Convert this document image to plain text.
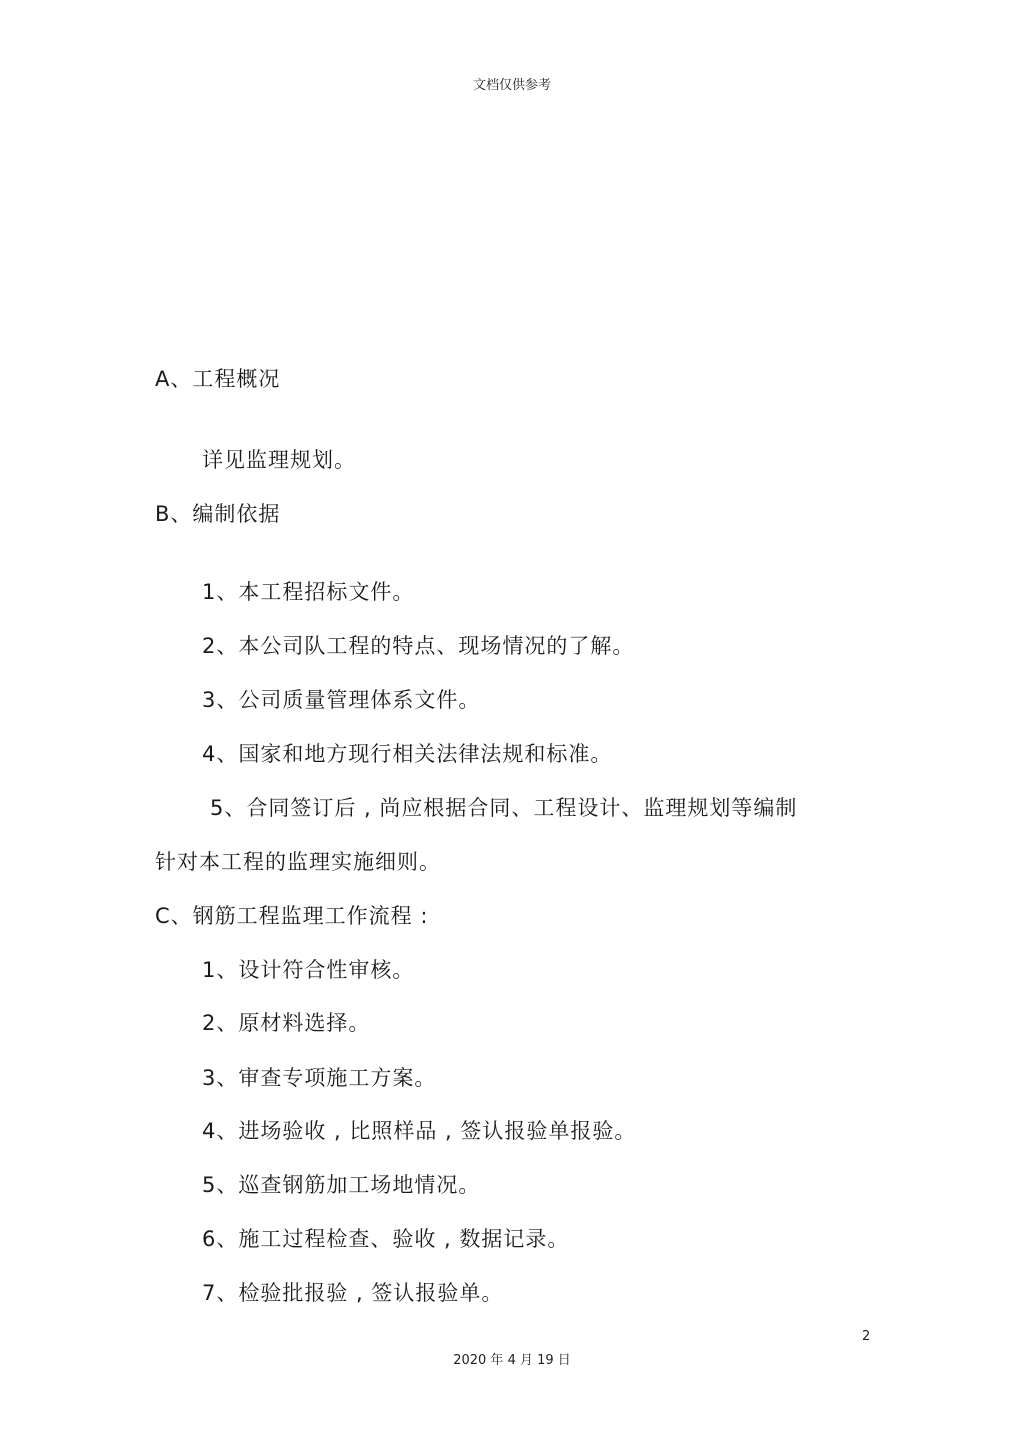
文档仅供参考
A、工程概况
详见监理规划。
B、编制依据
1、本工程招标文件。
2、本公司队工程的特点、现场情况的了解。
3、公司质量管理体系文件。
4、国家和地方现行相关法律法规和标准。
5、合同签订后 , 尚应根据合同、工程设计、监理规划等编制
针对本工程的监理实施细则。
C、钢筋工程监理工作流程 :
1、设计符合性审核。
2、原材料选择。
3、审查专项施工方案。
4、进场验收 , 比照样品 , 签认报验单报验。
5、巡查钢筋加工场地情况。
6、施工过程检查、验收 , 数据记录。
7、检验批报验 , 签认报验单。
2
2020 年 4 月 19 日
